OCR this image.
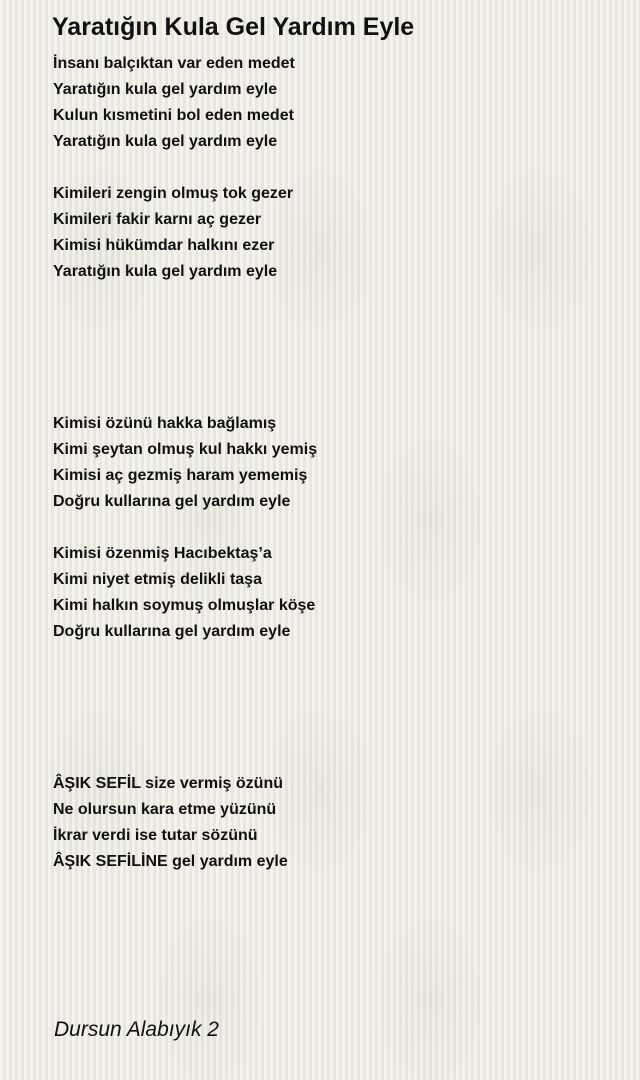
Yaratığın Kula Gel Yardım Eyle
İnsanı balçıktan var eden medet
Yaratığın kula gel yardım eyle
Kulun kısmetini bol eden medet
Yaratığın kula gel yardım eyle
Kimileri zengin olmuş tok gezer
Kimileri fakir karnı aç gezer
Kimisi hükümdar halkını ezer
Yaratığın kula gel yardım eyle
Kimisi özünü hakka bağlamış
Kimi şeytan olmuş kul hakkı yemiş
Kimisi aç gezmiş haram yememiş
Doğru kullarına gel yardım eyle
Kimisi özenmiş Hacıbektaş’a
Kimi niyet etmiş delikli taşa
Kimi halkın soymuş olmuşlar köşe
Doğru kullarına gel yardım eyle
ÂŞIK SEFİL size vermiş özünü
Ne olursun kara etme yüzünü
İkrar verdi ise tutar sözünü
ÂŞIK SEFİLİNE gel yardım eyle
Dursun Alabıyık 2
